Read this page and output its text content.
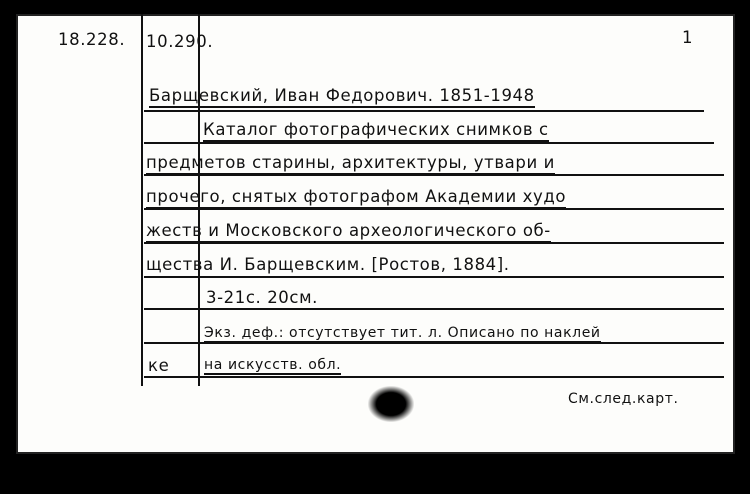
18.228. 10.290.	1
Барщевский, Иван Федорович. 1851-1948
Каталог фотографических снимков с
предметов старины, архитектуры, утвари и
прочего, снятых фотографом Академии худо
жеств и Московского археологического об-
щества И. Барщевским. [Ростов, 1884].
3-21с. 20см.
Экз. деф.: отсутствует тит. л. Описано по наклей
ке на искусств. обл.
См.след.карт.
